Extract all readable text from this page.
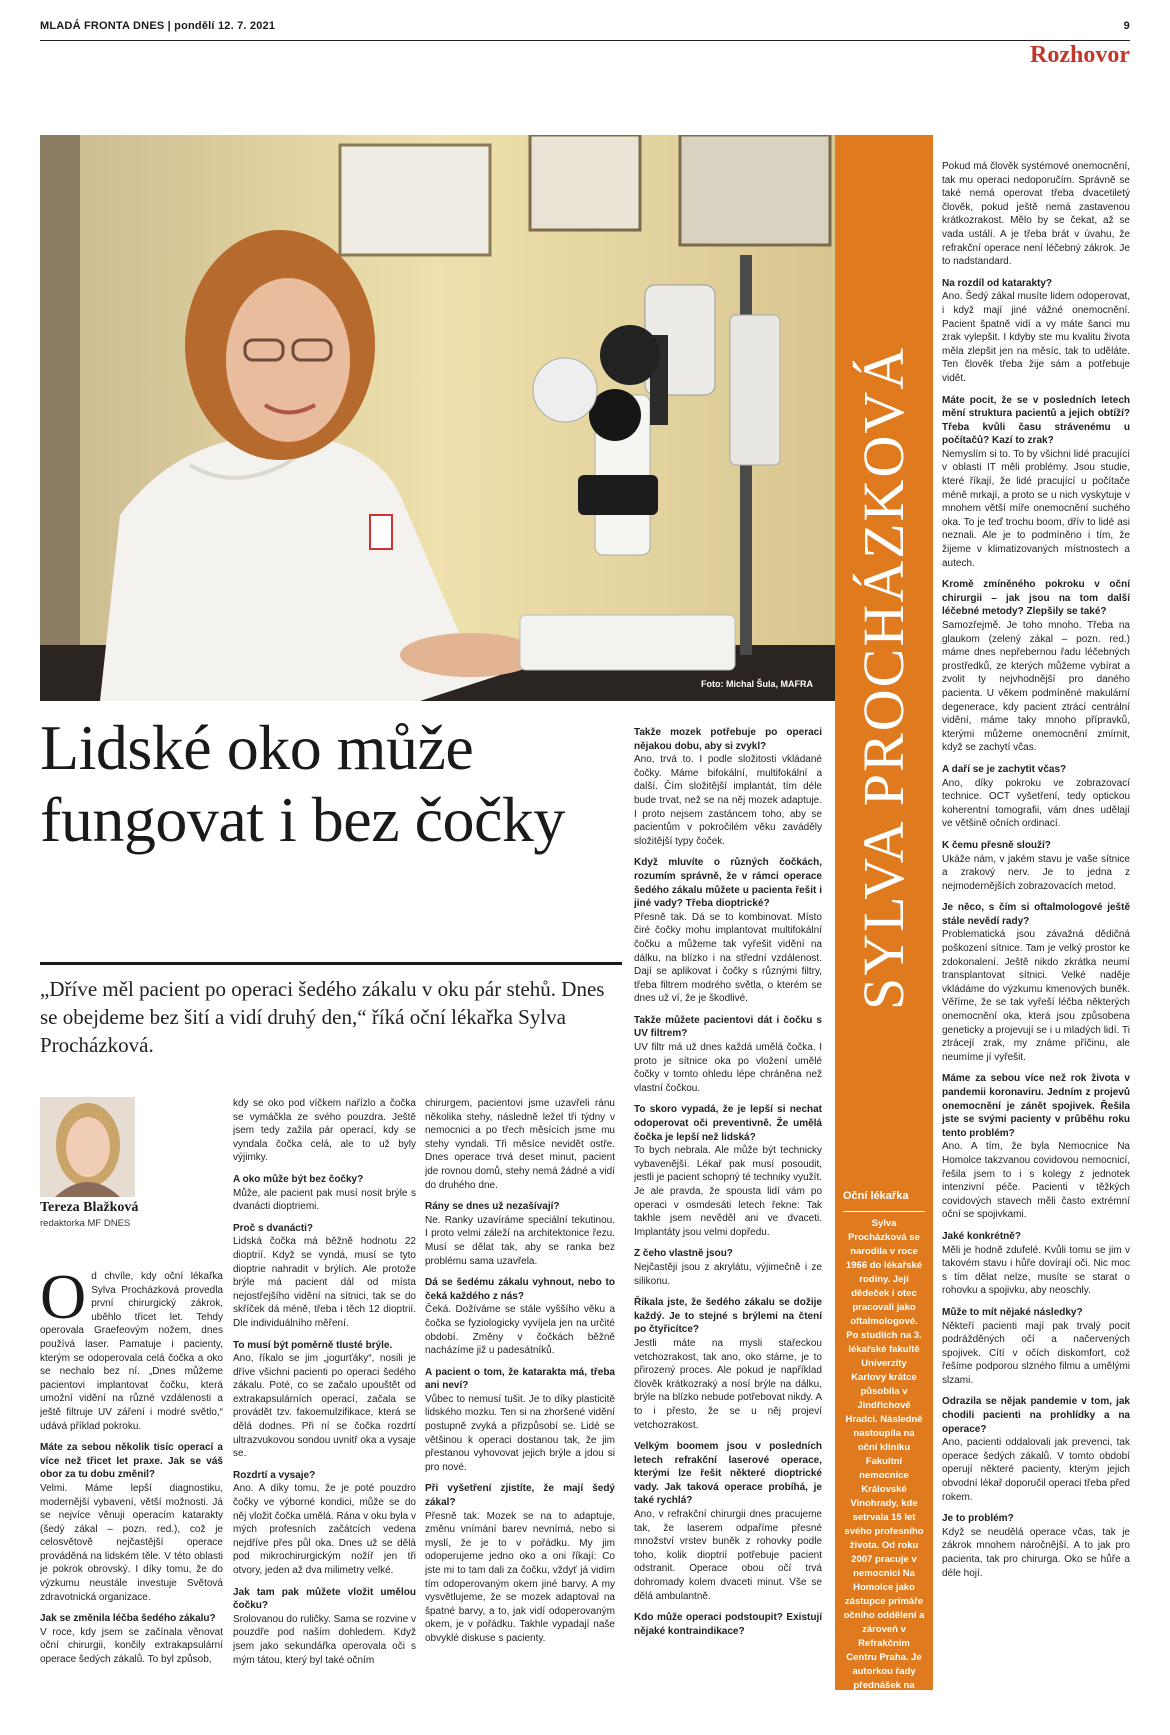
MLADÁ FRONTA DNES | pondělí 12. 7. 2021	9
Rozhovor
Foto: Michal Šula, MAFRA SYLVA PROCHÁZKOVÁ
Oční lékařka
Sylva Procházková se narodila v roce 1966 do lékařské rodiny. Její dědeček i otec pracovali jako oftalmologové. Po studiích na 3. lékařské fakultě Univerzity Karlovy krátce působila v Jindřichově Hradci. Následně nastoupila na oční kliniku Fakultní nemocnice Královské Vinohrady, kde setrvala 15 let svého profesního života. Od roku 2007 pracuje v nemocnici Na Homolce jako zástupce primáře očního oddělení a zároveň v Refrakčním Centru Praha. Je autorkou řady přednášek na kongresech jak v tuzemsku, tak v zahraničí.
Lidské oko může fungovat i bez čočky
„Dříve měl pacient po operaci šedého zákalu v oku pár stehů. Dnes se obejdeme bez šití a vidí druhý den,“ říká oční lékařka Sylva Procházková.
Tereza Blažková
redaktorka MF DNES

Od chvíle, kdy oční lékařka Sylva Procházková provedla první chirurgický zákrok, uběhlo třicet let. Tehdy operovala Graefeovým nožem, dnes používá laser. Pamatuje i pacienty, kterým se odoperovala celá čočka a oko se nechalo bez ní. „Dnes můžeme pacientovi implantovat čočku, která umožní vidění na různé vzdálenosti a ještě filtruje UV záření i modré světlo,“ udává příklad pokroku.

Máte za sebou několik tisíc operací a více než třicet let praxe. Jak se váš obor za tu dobu změnil?
Velmi. Máme lepší diagnostiku, modernější vybavení, větší možnosti. Já se nejvíce věnuji operacím katarakty (šedý zákal – pozn. red.), což je celosvětově nejčastější operace prováděná na lidském těle. V této oblasti je pokrok obrovský. I díky tomu, že do výzkumu neustále investuje Světová zdravotnická organizace.
Jak se změnila léčba šedého zákalu?
V roce, kdy jsem se začínala věnovat oční chirurgii, končily extrakapsulární operace šedých zákalů. To byl způsob,

kdy se oko pod víčkem nařízlo a čočka se vymáčkla ze svého pouzdra. Ještě jsem tedy zažila pár operací, kdy se vyndala čočka celá, ale to už byly výjimky.

A oko může být bez čočky?
Může, ale pacient pak musí nosit brýle s dvanácti dioptriemi.
Proč s dvanácti?
Lidská čočka má běžně hodnotu 22 dioptrií. Když se vyndá, musí se tyto dioptrie nahradit v brýlích. Ale protože brýle má pacient dál od místa nejostřejšího vidění na sítnici, tak se do skříček dá méně, třeba i těch 12 dioptrií. Dle individuálního měření.
To musí být poměrně tlusté brýle.
Ano, říkalo se jim „jogurťáky“, nosili je dříve všichni pacienti po operaci šedého zákalu. Poté, co se začalo upouštět od extrakapsulárních operací, začala se provádět tzv. fakoemulzifikace, která se dělá dodnes. Při ní se čočka rozdrtí ultrazvukovou sondou uvnitř oka a vysaje se.
Rozdrtí a vysaje?
Ano. A díky tomu, že je poté pouzdro čočky ve výborné kondici, může se do něj vložit čočka umělá. Rána v oku byla v mých profesních začátcích vedena nejdříve přes půl oka. Dnes už se dělá pod mikrochirurgickým nožíř jen tři otvory, jeden až dva milimetry velké.
Jak tam pak můžete vložit umělou čočku?
Srolovanou do ruličky. Sama se rozvine v pouzdře pod naším dohledem. Když jsem jako sekundářka operovala oči s mým tátou, který byl také očním

chirurgem, pacientovi jsme uzavřeli ránu několika stehy, následně ležel tři týdny v nemocnici a po třech měsících jsme mu stehy vyndali. Tři měsíce nevidět ostře. Dnes operace trvá deset minut, pacient jde rovnou domů, stehy nemá žádné a vidí do druhého dne.

Rány se dnes už nezašívají?
Ne. Ranky uzavíráme speciální tekutinou. I proto velmi záleží na architektonice řezu. Musí se dělat tak, aby se ranka bez problému sama uzavřela.
Dá se šedému zákalu vyhnout, nebo to čeká každého z nás?
Čeká. Dožíváme se stále vyššího věku a čočka se fyziologicky vyvíjela jen na určité období. Změny v čočkách běžně nacházíme již u padesátníků.
A pacient o tom, že katarakta má, třeba ani neví?
Vůbec to nemusí tušit. Je to díky plasticitě lidského mozku. Ten si na zhoršené vidění postupně zvyká a přizpůsobí se. Lidé se většinou k operaci dostanou tak, že jim přestanou vyhovovat jejich brýle a jdou si pro nové.
Při vyšetření zjistíte, že mají šedý zákal?
Přesně tak. Mozek se na to adaptuje, změnu vnímání barev nevnímá, nebo si myslí, že je to v pořádku. My jim odoperujeme jedno oko a oni říkají: Co jste mi to tam dali za čočku, vždyť já vidím tím odoperovaným okem jiné barvy. A my vysvětlujeme, že se mozek adaptoval na špatné barvy, a to, jak vidí odoperovaným okem, je v pořádku. Takhle vypadají naše obvyklé diskuse s pacienty.
Takže mozek potřebuje po operaci nějakou dobu, aby si zvykl?
Ano, trvá to. I podle složitosti vkládané čočky. Máme bifokální, multifokální a další. Čím složitější implantát, tím déle bude trvat, než se na něj mozek adaptuje. I proto nejsem zastáncem toho, aby se pacientům v pokročilém věku zaváděly složitější typy čoček.
Když mluvíte o různých čočkách, rozumím správně, že v rámci operace šedého zákalu můžete u pacienta řešit i jiné vady? Třeba dioptrické?
Přesně tak. Dá se to kombinovat. Místo čiré čočky mohu implantovat multifokální čočku a můžeme tak vyřešit vidění na dálku, na blízko i na střední vzdálenost. Dají se aplikovat i čočky s různými filtry, třeba filtrem modrého světla, o kterém se dnes už ví, že je škodlivé.
Takže můžete pacientovi dát i čočku s UV filtrem?
UV filtr má už dnes každá umělá čočka. I proto je sítnice oka po vložení umělé čočky v tomto ohledu lépe chráněna než vlastní čočkou.
To skoro vypadá, že je lepší si nechat odoperovat oči preventivně. Že umělá čočka je lepší než lidská?
To bych nebrala. Ale může být technicky vybavenější. Lékař pak musí posoudit, jestli je pacient schopný té techniky využít. Je ale pravda, že spousta lidí vám po operaci v osmdesáti letech řekne: Tak takhle jsem nevěděl ani ve dvaceti. Implantáty jsou velmi dopředu.
Z čeho vlastně jsou?
Nejčastěji jsou z akrylátu, výjimečně i ze silikonu.
Říkala jste, že šedého zákalu se dožije každý. Je to stejné s brýlemi na čtení po čtyřicítce?
Jestli máte na mysli stařeckou vetchozrakost, tak ano, oko stárne, je to přirozený proces. Ale pokud je například člověk krátkozraký a nosí brýle na dálku, brýle na blízko nebude potřebovat nikdy. A to i přesto, že se u něj projeví vetchozrakost.
Velkým boomem jsou v posledních letech refrakční laserové operace, kterými lze řešit některé dioptrické vady. Jak taková operace probíhá, je také rychlá?
Ano, v refrakční chirurgii dnes pracujeme tak, že laserem odpaříme přesné množství vrstev buněk z rohovky podle toho, kolik dioptrií potřebuje pacient odstranit. Operace obou očí trvá dohromady kolem dvaceti minut. Vše se dělá ambulantně.
Kdo může operaci podstoupit? Existují nějaké kontraindikace?

Pokud má člověk systémové onemocnění, tak mu operaci nedoporučím. Správně se také nemá operovat třeba dvacetiletý člověk, pokud ještě nemá zastavenou krátkozrakost. Mělo by se čekat, až se vada ustálí. A je třeba brát v úvahu, že refrakční operace není léčebný zákrok. Je to nadstandard.

Na rozdíl od katarakty?
Ano. Šedý zákal musíte lidem odoperovat, i když mají jiné vážné onemocnění. Pacient špatně vidí a vy máte šanci mu zrak vylepšit. I kdyby ste mu kvalitu života měla zlepšit jen na měsíc, tak to uděláte. Ten člověk třeba žije sám a potřebuje vidět.
Máte pocit, že se v posledních letech mění struktura pacientů a jejich obtíží? Třeba kvůli času strávenému u počítačů? Kazí to zrak?
Nemyslím si to. To by všichni lidé pracující v oblasti IT měli problémy. Jsou studie, které říkají, že lidé pracující u počítače méně mrkají, a proto se u nich vyskytuje v mnohem větší míře onemocnění suchého oka. To je teď trochu boom, dřív to lidé asi neznali. Ale je to podmíněno i tím, že žijeme v klimatizovaných místnostech a autech.
Kromě zmíněného pokroku v oční chirurgii – jak jsou na tom další léčebné metody? Zlepšily se také?
Samozřejmě. Je toho mnoho. Třeba na glaukom (zelený zákal – pozn. red.) máme dnes nepřebernou řadu léčebných prostředků, ze kterých můžeme vybírat a zvolit ty nejvhodnější pro daného pacienta. U věkem podmíněné makulární degenerace, kdy pacient ztrácí centrální vidění, máme taky mnoho přípravků, kterými můžeme onemocnění zmírnit, když se zachytí včas.
A daří se je zachytit včas?
Ano, díky pokroku ve zobrazovací technice. OCT vyšetření, tedy optickou koherentní tomografii, vám dnes udělají ve většině očních ordinací.
K čemu přesně slouží?
Ukáže nám, v jakém stavu je vaše sítnice a zrakový nerv. Je to jedna z nejmodernějších zobrazovacích metod.
Je něco, s čím si oftalmologové ještě stále nevědí rady?
Problematická jsou závažná dědičná poškození sítnice. Tam je velký prostor ke zdokonalení. Ještě nikdo zkrátka neumí transplantovat sítnici. Velké naděje vkládáme do výzkumu kmenových buněk. Věříme, že se tak vyřeší léčba některých onemocnění oka, která jsou způsobena geneticky a projevují se i u mladých lidí. Ti ztrácejí zrak, my známe příčinu, ale neumíme jí vyřešit.
Máme za sebou více než rok života v pandemii koronaviru. Jedním z projevů onemocnění je zánět spojivek. Řešila jste se svými pacienty v průběhu roku tento problém?
Ano. A tím, že byla Nemocnice Na Homolce takzvanou covidovou nemocnicí, řešila jsem to i s kolegy z jednotek intenzivní péče. Pacienti v těžkých covidových stavech měli často extrémní oční se spojivkami.
Jaké konkrétně?
Měli je hodně zdufelé. Kvůli tomu se jim v takovém stavu i hůře dovírají oči. Nic moc s tím dělat nelze, musíte se starat o rohovku a spojivku, aby neoschly.
Může to mít nějaké následky?
Někteří pacienti mají pak trvalý pocit podrážděných očí a načervených spojivek. Cítí v očích diskomfort, což řešíme podporou slzného filmu a umělými slzami.
Odrazila se nějak pandemie v tom, jak chodili pacienti na prohlídky a na operace?
Ano, pacienti oddalovali jak prevenci, tak operace šedých zákalů. V tomto období operují některé pacienty, kterým jejich obvodní lékař doporučil operaci třeba před rokem.
Je to problém?
Když se neudělá operace včas, tak je zákrok mnohem náročnější. A to jak pro pacienta, tak pro chirurga. Oko se hůře a déle hojí.
